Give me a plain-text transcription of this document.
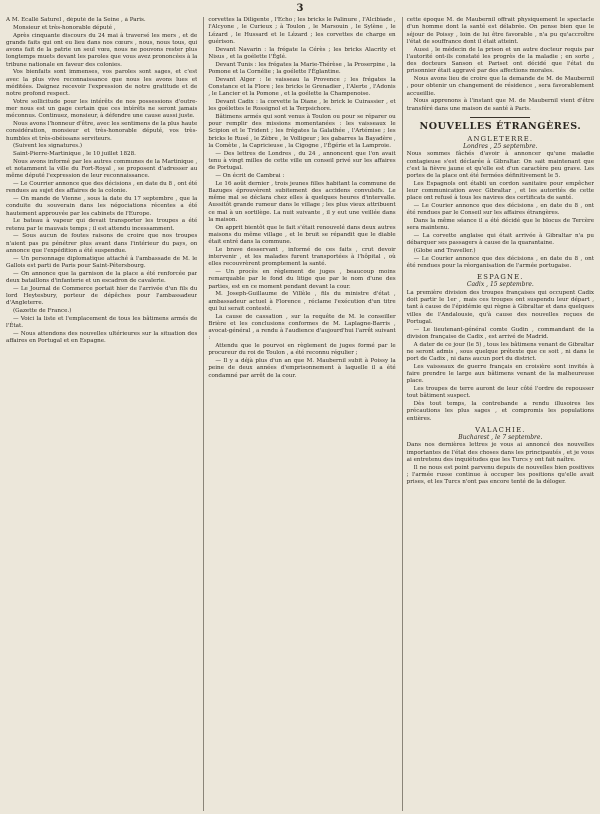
3

A M. Ecallé Saturel , député de la Seine , à Paris.

Monsieur et très-honorable député ,

Après cinquante discours du 24 mai à traversé les mers , et de grands faits qui ont eu lieu dans nos cœurs , nous, nous tous, qui avons fait de la patrie un seul vœu, nous ne pouvons rester plus longtemps muets devant les paroles que vous avez prononcées à la tribune nationale en faveur des colonies.

Vos bienfaits sont immenses, vos paroles sont sages, et c'est avec la plus vive reconnaissance que nous les avons lues et méditées. Daignez recevoir l'expression de notre gratitude et de notre profond respect.

Votre sollicitude pour les intérêts de nos possessions d'outre-mer nous est un gage certain que ces intérêts ne seront jamais méconnus. Continuez, monsieur, à défendre une cause aussi juste.

Nous avons l'honneur d'être, avec les sentimens de la plus haute considération, monsieur et très-honorable député, vos très-humbles et très-obéissans serviteurs.

(Suivent les signatures.)

Saint-Pierre-Martinique , le 10 juillet 1828.

Nous avons informé par les autres communes de la Martinique , et notamment la ville du Fort-Royal , se proposent d'adresser au même député l'expression de leur reconnaissance.

— Le Courrier annonce que des décisions , en date du 8 , ont été rendues au sujet des affaires de la colonie.

— On mande de Vienne , sous la date du 17 septembre , que la conduite du souverain dans les négociations récentes a été hautement approuvée par les cabinets de l'Europe.

Le bateau à vapeur qui devait transporter les troupes a été retenu par le mauvais temps ; il est attendu incessamment.

— Sous aucun de foutes raisons de croire que nos troupes n'aient pas pu pénétrer plus avant dans l'intérieur du pays, on annonce que l'expédition a été suspendue.

— Un personnage diplomatique attaché à l'ambassade de M. le Gallois est parti de Paris pour Saint-Pétersbourg.

— On annonce que la garnison de la place a été renforcée par deux bataillons d'infanterie et un escadron de cavalerie.

— Le Journal de Commerce portait hier de l'arrivée d'un fils du lord Heytesbury, porteur de dépêches pour l'ambassadeur d'Angleterre.

(Gazette de France.)

— Voici la liste et l'emplacement de tous les bâtimens armés de l'État.

— Nous attendons des nouvelles ultérieures sur la situation des affaires en Portugal et en Espagne.

corvettes la Diligente , l'Écho ; les bricks le Palinure , l'Alcibiade , l'Alcyone , le Curieux ; à Toulon , le Marsouin , le Sylène , le Lézard , le Hussard et le Lézard ; les corvettes de charge en guérison.

Devant Navarin : la frégate la Cérès ; les bricks Alacrity et Nisus , et la goélette l'Églé.

Devant Tunis : les frégates la Marie-Thérèse , la Proserpine , la Pomone et la Cornélie ; la goélette l'Églantine.

Devant Alger : le vaisseau la Provence ; les frégates la Constance et la Flore ; les bricks le Grenadier , l'Alerte , l'Adonis , le Lancier et la Pomone , et la goélette la Champenoise.

Devant Cadix : la corvette la Diane , le brick le Cuirassier , et les goélettes le Rossignol et la Terpsichore.

Bâtimens armés qui sont venus à Toulon ou pour se réparer ou pour remplir des missions momentanées : les vaisseaux le Scipion et le Trident ; les frégates la Galathée , l'Artémise ; les bricks le Rusé , le Zèbre , le Volligeur ; les gabarres la Bayadère , la Comète , la Capricieuse , la Cigogne , l'Égérie et la Lamproie.

— Des lettres de Londres , du 24 , annoncent que l'on avait tenu à vingt milles de cette ville un conseil privé sur les affaires de Portugal.

— On écrit de Cambrai :

Le 16 août dernier , trois jeunes filles habitant la commune de Bazuges éprouvèrent subitement des accidens convulsifs. Le même mal se déclara chez elles à quelques heures d'intervalle. Aussitôt grande rumeur dans le village ; les plus vieux attribuent ce mal à un sortilège. La nuit suivante , il y eut une veillée dans la maison.

On apprit bientôt que le fait s'était renouvelé dans deux autres maisons du même village , et le bruit se répandit que le diable était entré dans la commune.

Le brave desservant , informé de ces faits , crut devoir intervenir , et les malades furent transportées à l'hôpital , où elles recouvrèrent promptement la santé.

— Un procès en règlement de juges , beaucoup moins remarquable par le fond du litige que par le nom d'une des parties, est en ce moment pendant devant la cour.

M. Joseph-Guillaume de Villèle , fils du ministre d'état , ambassadeur actuel à Florence , réclame l'exécution d'un titre qui lui serait contesté.

La cause de cassation , sur la requête de M. le conseiller Brière et les conclusions conformes de M. Laplagne-Barris , avocat-général , a rendu à l'audience d'aujourd'hui l'arrêt suivant :

Attendu que le pourvoi en règlement de juges formé par le procureur du roi de Toulon , a été reconnu régulier ;

— Il y a déjà plus d'un an que M. Maubernil subit à Poissy la peine de deux années d'emprisonnement à laquelle il a été condamné par arrêt de la cour.

cette époque M. de Maubernil offrait physiquement le spectacle d'un homme dont la santé est délabrée. On pense bien que le séjour de Poissy , loin de lui être favorable , n'a pu qu'accroître l'état de souffrance dont il était atteint.

Aussi , le médecin de la prison et un autre docteur requis par l'autorité ont-ils constaté les progrès de la maladie ; en sorte , des docteurs Sanson et Pariset ont décidé que l'état du prisonnier était aggravé par des affections morales.

Nous avons lieu de croire que la demande de M. de Maubernil , pour obtenir un changement de résidence , sera favorablement accueillie.

Nous apprenons à l'instant que M. de Maubernil vient d'être transféré dans une maison de santé à Paris.

NOUVELLES ÉTRANGÈRES.
ANGLETERRE.
Londres , 25 septembre.

Nous sommes fâchés d'avoir à annoncer qu'une maladie contagieuse s'est déclarée à Gibraltar. On sait maintenant que c'est la fièvre jaune et qu'elle est d'un caractère peu grave. Les portes de la place ont été fermées définitivement le 5.

Les Espagnols ont établi un cordon sanitaire pour empêcher leur communication avec Gibraltar , et les autorités de cette place ont refusé à tous les navires des certificats de santé.

— Le Courier annonce que des décisions , en date du 8 , ont été rendues par le Conseil sur les affaires étrangères.

Dans la même séance il a été décidé que le blocus de Tercère sera maintenu.

— La corvette anglaise qui était arrivée à Gibraltar n'a pu débarquer ses passagers à cause de la quarantaine.

(Globe and Traveller.)

— Le Courier annonce que des décisions , en date du 8 , ont été rendues pour la réorganisation de l'armée portugaise.

ESPAGNE.
Cadix , 15 septembre.

La première division des troupes françaises qui occupent Cadix doit partir le 1er , mais ces troupes ont suspendu leur départ , tant à cause de l'épidémie qui règne à Gibraltar et dans quelques villes de l'Andalousie, qu'à cause des nouvelles reçues de Portugal.

— Le lieutenant-général comte Gudin , commandant de la division française de Cadix , est arrivé de Madrid.

A dater de ce jour (le 5) , tous les bâtimens venant de Gibraltar ne seront admis , sous quelque prétexte que ce soit , ni dans le port de Cadix , ni dans aucun port du district.

Les vaisseaux de guerre français en croisière sont invités à faire prendre le large aux bâtimens venant de la malheureuse place.

Les troupes de terre auront de leur côté l'ordre de repousser tout bâtiment suspect.

Dès tout temps, la contrebande a rendu illusoires les précautions les plus sages , et compromis les populations entières.

VALACHIE.
Bucharest , le 7 septembre.

Dans nos dernières lettres je vous ai annoncé des nouvelles importantes de l'état des choses dans les principautés , et je vous ai entretenu des inquiétudes que les Turcs y ont fait naître.

Il ne nous est point parvenu depuis de nouvelles bien positives ; l'armée russe continue à occuper les positions qu'elle avait prises, et les Turcs n'ont pas encore tenté de la déloger.
